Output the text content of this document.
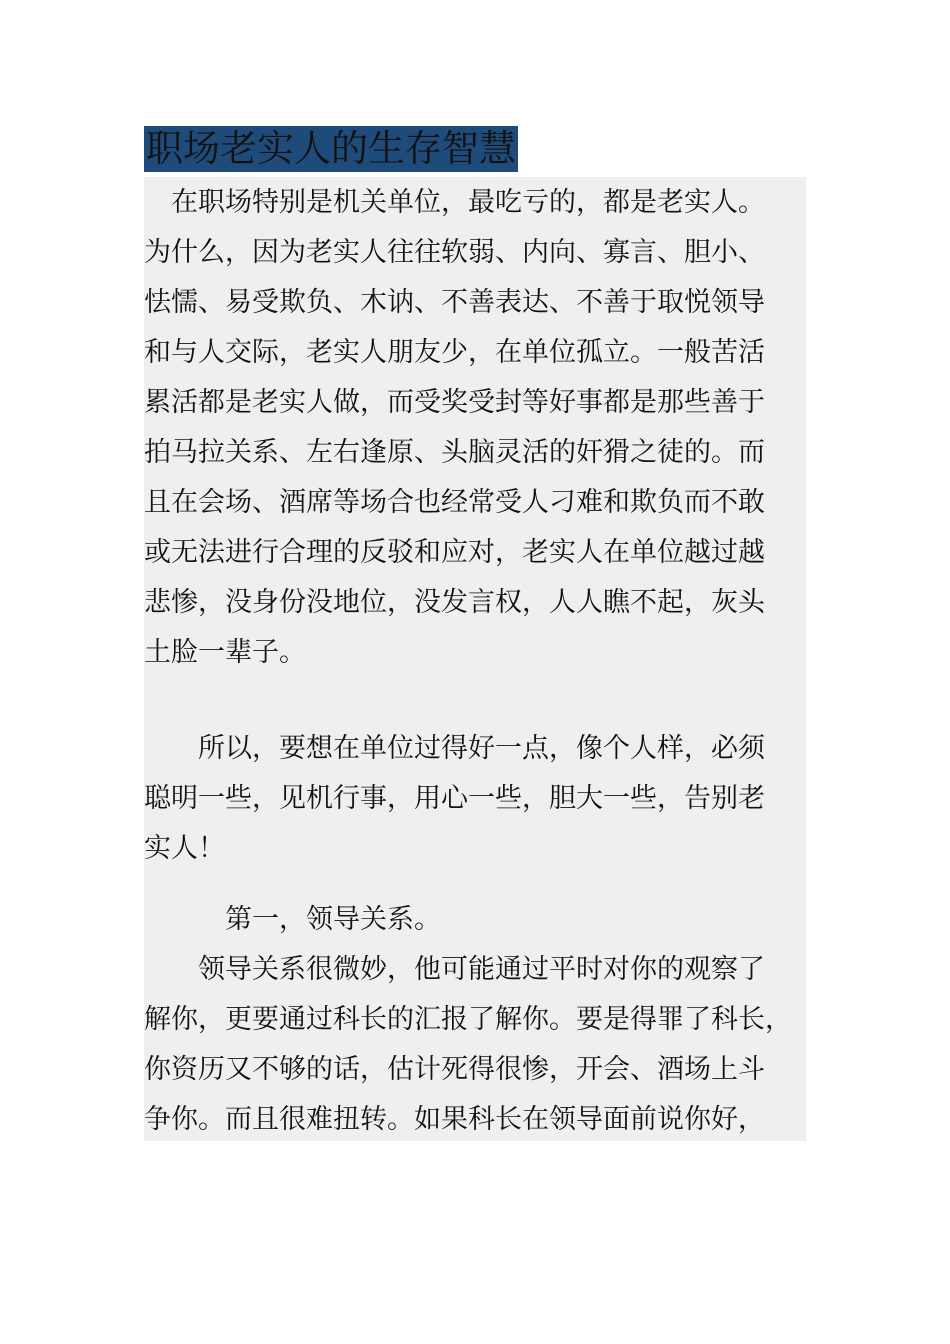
职场老实人的生存智慧
　在职场特别是机关单位，最吃亏的，都是老实人。
为什么，因为老实人往往软弱、内向、寡言、胆小、
怯懦、易受欺负、木讷、不善表达、不善于取悦领导
和与人交际，老实人朋友少，在单位孤立。一般苦活
累活都是老实人做，而受奖受封等好事都是那些善于
拍马拉关系、左右逢原、头脑灵活的奸猾之徒的。而
且在会场、酒席等场合也经常受人刁难和欺负而不敢
或无法进行合理的反驳和应对，老实人在单位越过越
悲惨，没身份没地位，没发言权，人人瞧不起，灰头
土脸一辈子。
　　所以，要想在单位过得好一点，像个人样，必须
聪明一些，见机行事，用心一些，胆大一些，告别老
实人！
　　　第一，领导关系。
　　领导关系很微妙，他可能通过平时对你的观察了
解你，更要通过科长的汇报了解你。要是得罪了科长，
你资历又不够的话，估计死得很惨，开会、酒场上斗
争你。而且很难扭转。如果科长在领导面前说你好，
